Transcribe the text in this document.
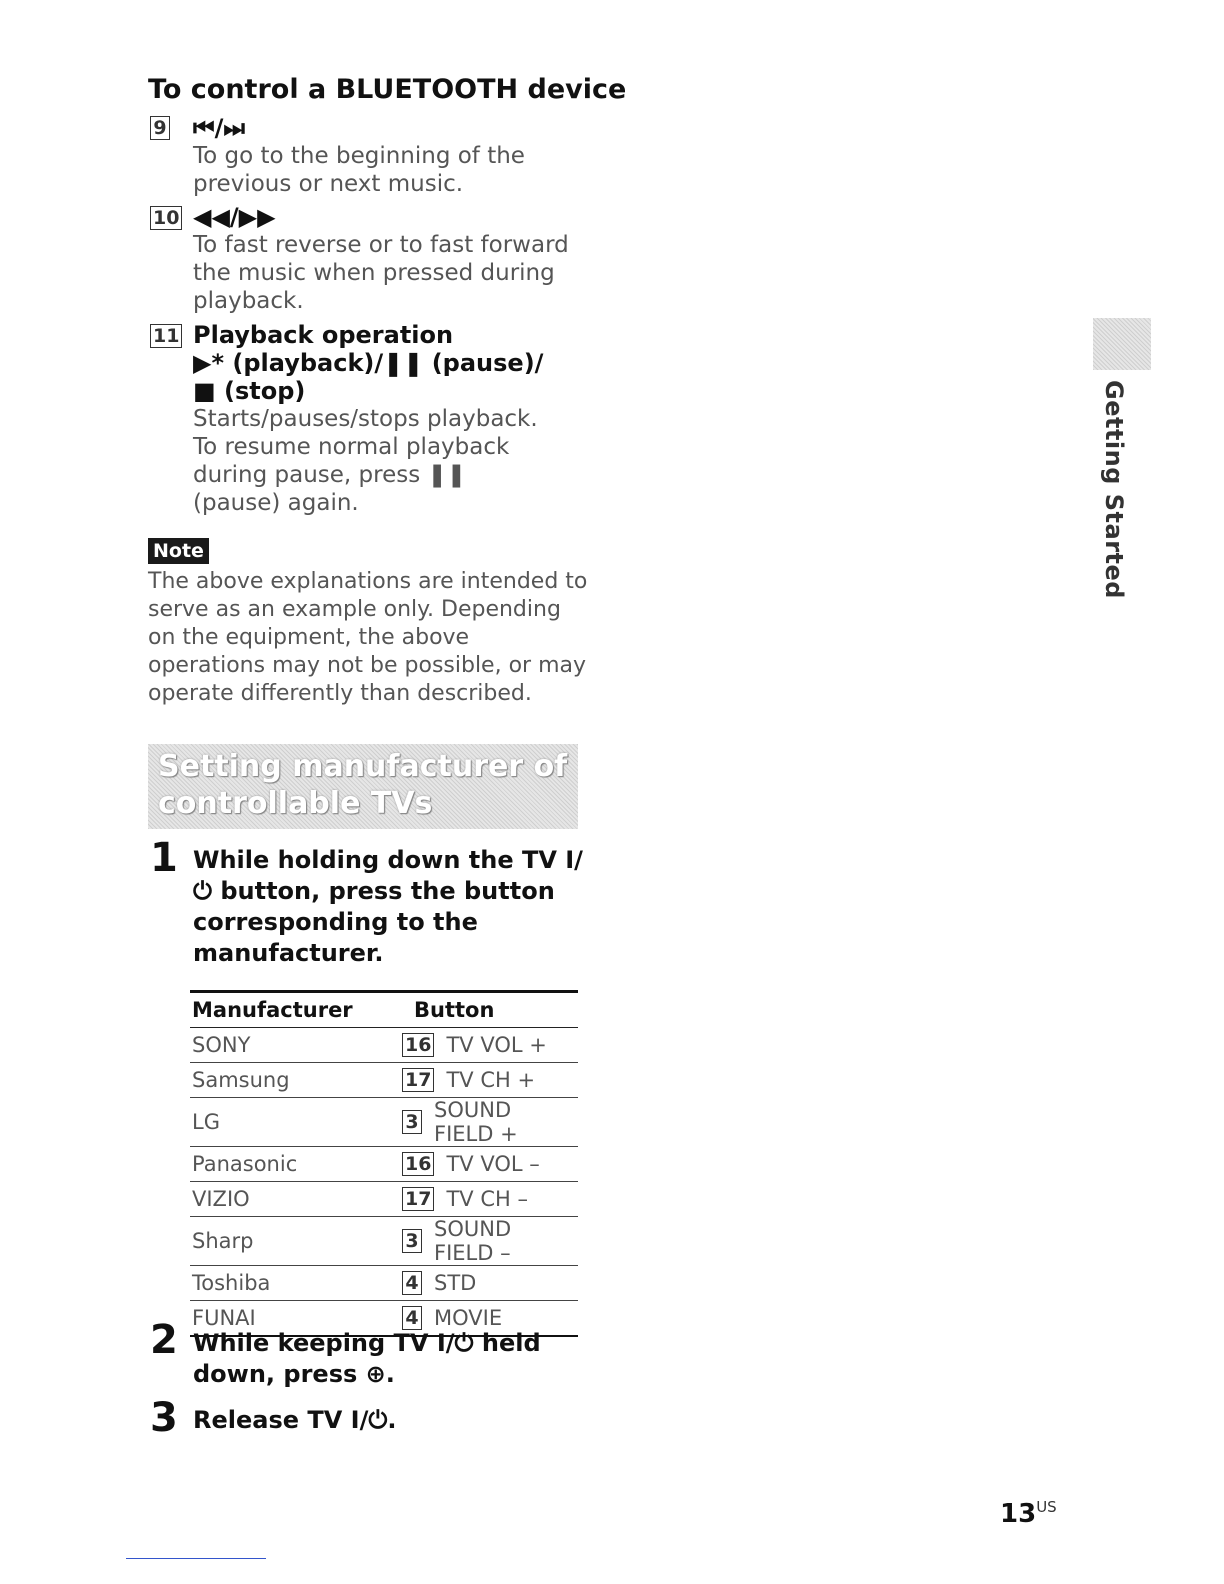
To control a BLUETOOTH device
9 ⏮/⏭
To go to the beginning of the previous or next music.
10 ◀◀/▶▶
To fast reverse or to fast forward the music when pressed during playback.
11 Playback operation
▶* (playback)/❚❚ (pause)/
■ (stop)
Starts/pauses/stops playback. To resume normal playback during pause, press ❚❚ (pause) again.
Note
The above explanations are intended to serve as an example only. Depending on the equipment, the above operations may not be possible, or may operate differently than described.
Setting manufacturer of
controllable TVs
1 While holding down the TV I/⏻ button, press the button corresponding to the manufacturer.
Manufacturer	Button
SONY	16 TV VOL +

Samsung	17 TV CH +

LG	3 SOUND FIELD +

Panasonic	16 TV VOL –

VIZIO	17 TV CH –

Sharp	3 SOUND FIELD –

Toshiba	4 STD

FUNAI	4 MOVIE
2 While keeping TV I/⏻ held down, press ⊕.
3 Release TV I/⏻.
Getting Started
$13^{US}$
